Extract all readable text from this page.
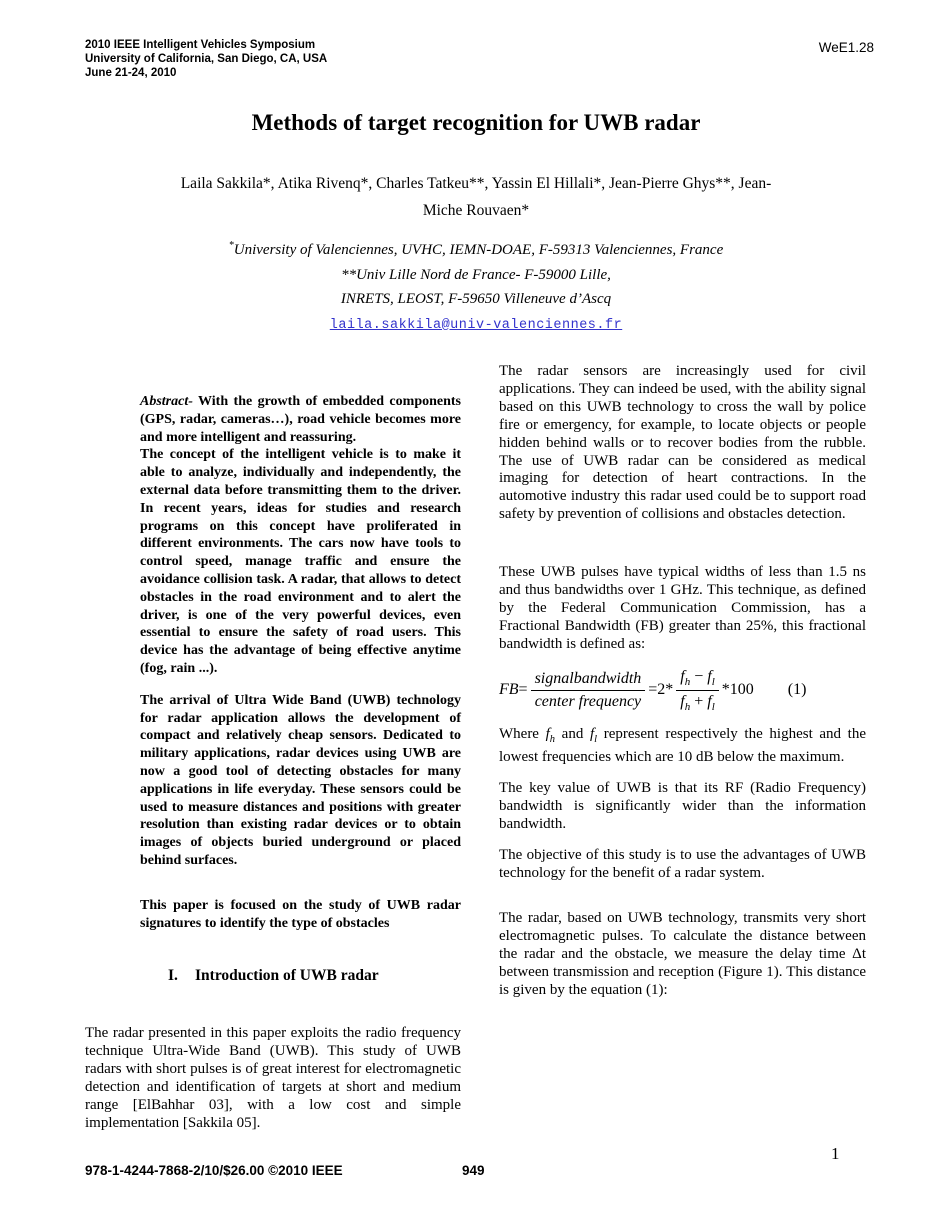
2010 IEEE Intelligent Vehicles Symposium
University of California, San Diego, CA, USA
June 21-24, 2010
WeE1.28
Methods of target recognition for UWB radar
Laila Sakkila*, Atika Rivenq*, Charles Tatkeu**, Yassin El Hillali*, Jean-Pierre Ghys**, Jean-
Miche Rouvaen*
*University of Valenciennes, UVHC, IEMN-DOAE, F-59313 Valenciennes, France
**Univ Lille Nord de France- F-59000 Lille,
INRETS, LEOST, F-59650 Villeneuve d’Ascq
laila.sakkila@univ-valenciennes.fr

Abstract- With the growth of embedded components (GPS, radar, cameras…), road vehicle becomes more and more intelligent and reassuring.

The concept of the intelligent vehicle is to make it able to analyze, individually and independently, the external data before transmitting them to the driver. In recent years, ideas for studies and research programs on this concept have proliferated in different environments. The cars now have tools to control speed, manage traffic and ensure the avoidance collision task. A radar, that allows to detect obstacles in the road environment and to alert the driver, is one of the very powerful devices, even essential to ensure the safety of road users. This device has the advantage of being effective anytime (fog, rain ...).

The arrival of Ultra Wide Band (UWB) technology for radar application allows the development of compact and relatively cheap sensors. Dedicated to military applications, radar devices using UWB are now a good tool of detecting obstacles for many applications in life everyday. These sensors could be used to measure distances and positions with greater resolution than existing radar devices or to obtain images of objects buried underground or placed behind surfaces.

This paper is focused on the study of UWB radar signatures to identify the type of obstacles

I. Introduction of UWB radar

The radar presented in this paper exploits the radio frequency technique Ultra-Wide Band (UWB). This study of UWB radars with short pulses is of great interest for electromagnetic detection and identification of targets at short and medium range [ElBahhar 03], with a low cost and simple implementation [Sakkila 05].

The radar sensors are increasingly used for civil applications. They can indeed be used, with the ability signal based on this UWB technology to cross the wall by police fire or emergency, for example, to locate objects or people hidden behind walls or to recover bodies from the rubble. The use of UWB radar can be considered as medical imaging for detection of heart contractions. In the automotive industry this radar used could be to support road safety by prevention of collisions and obstacles detection.

These UWB pulses have typical widths of less than 1.5 ns and thus bandwidths over 1 GHz. This technique, as defined by the Federal Communication Commission, has a Fractional Bandwidth (FB) greater than 25%, this fractional bandwidth is defined as:

FB = $\frac{\text{signalbandwidth}}{\text{center frequency}} = 2 * \frac{f_h - f_l}{f_h + f_l} *100$ (1)

Where $f_h$ and $f_l$ represent respectively the highest and the lowest frequencies which are 10 dB below the maximum.

The key value of UWB is that its RF (Radio Frequency) bandwidth is significantly wider than the information bandwidth.

The objective of this study is to use the advantages of UWB technology for the benefit of a radar system.

The radar, based on UWB technology, transmits very short electromagnetic pulses. To calculate the distance between the radar and the obstacle, we measure the delay time Δt between transmission and reception (Figure 1). This distance is given by the equation (1):

978-1-4244-7868-2/10/$26.00 ©2010 IEEE	949
1
